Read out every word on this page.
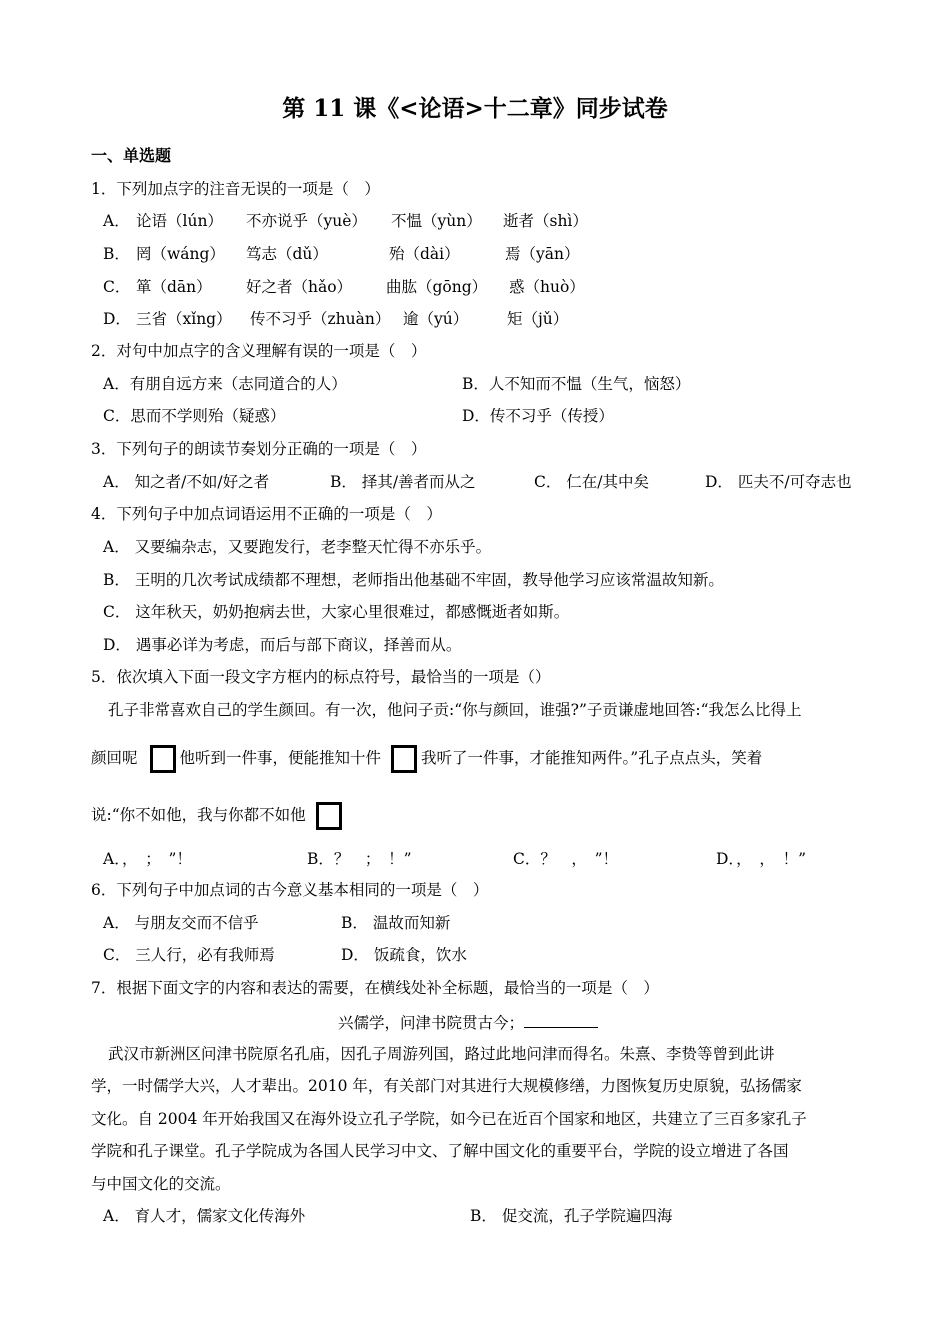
第 11 课《<论语>十二章》同步试卷
一、单选题
1．下列加点字的注音无误的一项是（　）
A． 论语（lún） 不亦说乎（yuè） 不愠（yùn） 逝者（shì）
B． 罔（wáng） 笃志（dǔ）	殆（dài）	焉（yān）
C． 箪（dān） 好之者（hǎo） 曲肱（gōng） 惑（huò）
D． 三省（xǐng） 传不习乎（zhuàn） 逾（yú）	矩（jǔ）
2．对句中加点字的含义理解有误的一项是（　）
A．有朋自远方来（志同道合的人）	B．人不知而不愠（生气，恼怒）
C．思而不学则殆（疑惑）	D．传不习乎（传授）
3．下列句子的朗读节奏划分正确的一项是（　）
A． 知之者/不如/好之者	B． 择其/善者而从之	C． 仁在/其中矣	D． 匹夫不/可夺志也
4．下列句子中加点词语运用不正确的一项是（　）
A． 又要编杂志，又要跑发行，老李整天忙得不亦乐乎。
B． 王明的几次考试成绩都不理想，老师指出他基础不牢固，教导他学习应该常温故知新。
C． 这年秋天，奶奶抱病去世，大家心里很难过，都感慨逝者如斯。
D． 遇事必详为考虑，而后与部下商议，择善而从。
5．依次填入下面一段文字方框内的标点符号，最恰当的一项是（）
孔子非常喜欢自己的学生颜回。有一次，他问子贡:“你与颜回，谁强?”子贡谦虚地回答:“我怎么比得上
颜回呢	他听到一件事，便能推知十件	我听了一件事，才能推知两件。”孔子点点头，笑着
说:“你不如他，我与你都不如他
A．，　；　”！	B．？　；　！”	C．？　，　”！	D．，　，　！”
6．下列句子中加点词的古今意义基本相同的一项是（　）
A． 与朋友交而不信乎	B． 温故而知新
C． 三人行，必有我师焉	D． 饭疏食，饮水
7．根据下面文字的内容和表达的需要，在横线处补全标题，最恰当的一项是（　）
兴儒学，问津书院贯古今；
武汉市新洲区问津书院原名孔庙，因孔子周游列国，路过此地问津而得名。朱熹、李贽等曾到此讲
学，一时儒学大兴，人才辈出。2010 年，有关部门对其进行大规模修缮，力图恢复历史原貌，弘扬儒家
文化。自 2004 年开始我国又在海外设立孔子学院，如今已在近百个国家和地区，共建立了三百多家孔子
学院和孔子课堂。孔子学院成为各国人民学习中文、了解中国文化的重要平台，学院的设立增进了各国
与中国文化的交流。
A． 育人才，儒家文化传海外	B． 促交流，孔子学院遍四海
